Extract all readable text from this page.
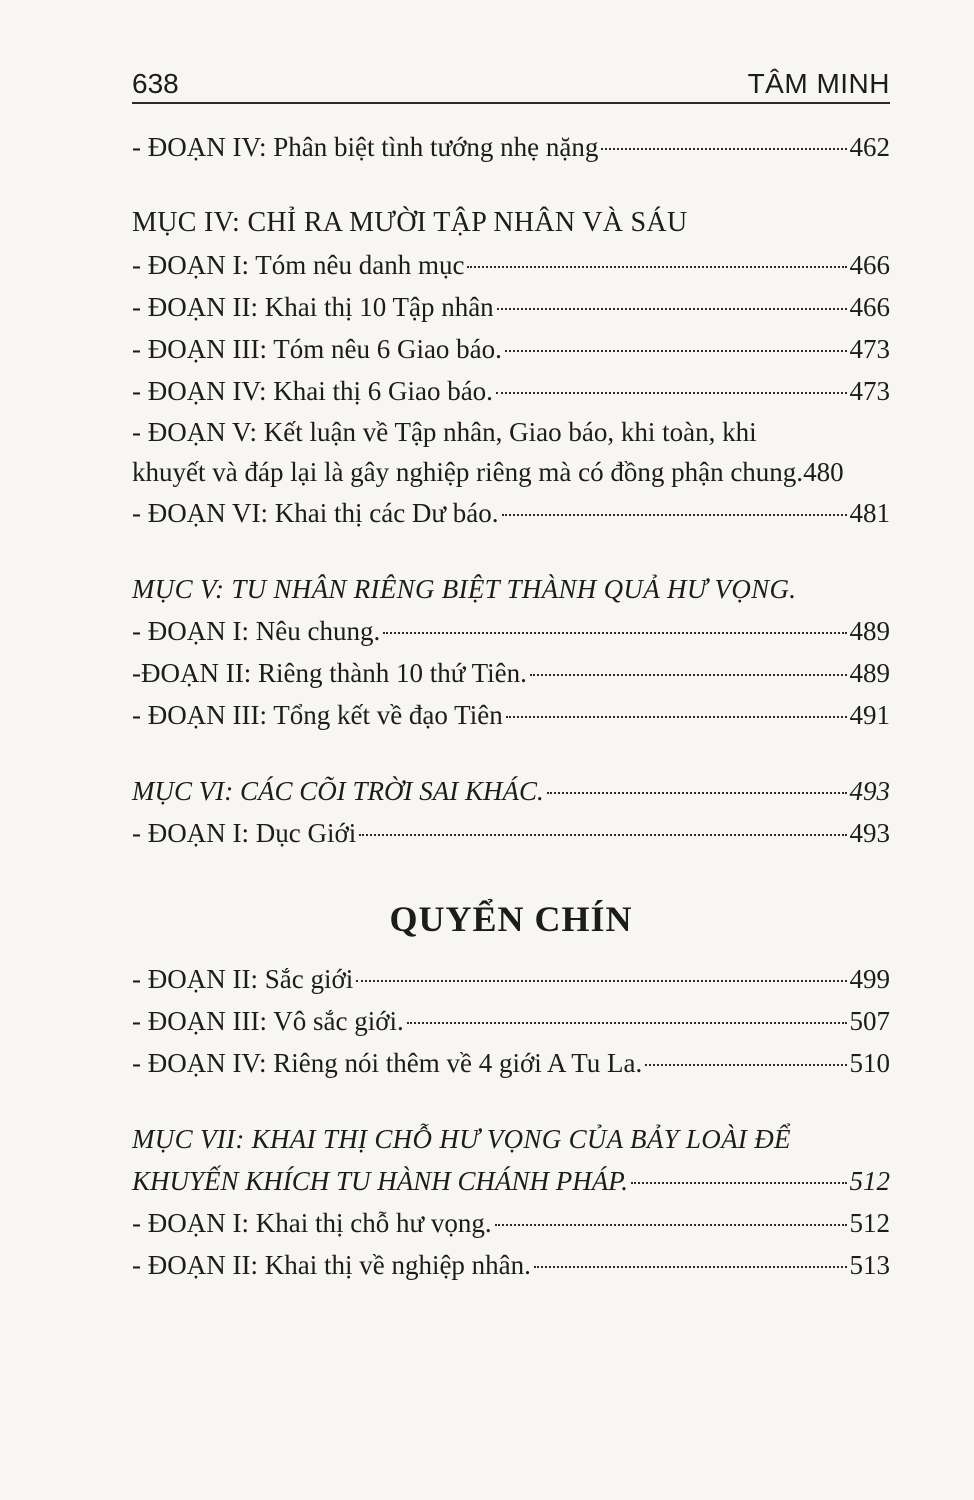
638	TÂM MINH
- ĐOẠN IV: Phân biệt tình tướng nhẹ nặng	462
MỤC IV: CHỈ RA MƯỜI TẬP NHÂN VÀ SÁU
- ĐOẠN I: Tóm nêu danh mục	466
- ĐOẠN II: Khai thị 10 Tập nhân	466
- ĐOẠN III: Tóm nêu 6 Giao báo.	473
- ĐOẠN IV: Khai thị 6 Giao báo.	473
- ĐOẠN V: Kết luận về Tập nhân, Giao báo, khi toàn, khi
khuyết và đáp lại là gây nghiệp riêng mà có đồng phận chung. 480
- ĐOẠN VI: Khai thị các Dư báo.	481
MỤC V: TU NHÂN RIÊNG BIỆT THÀNH QUẢ HƯ VỌNG.
- ĐOẠN I: Nêu chung.	489
-ĐOẠN II: Riêng thành 10 thứ Tiên.	489
- ĐOẠN III: Tổng kết về đạo Tiên	491
MỤC VI: CÁC CÕI TRỜI SAI KHÁC.	493
- ĐOẠN I: Dục Giới	493
QUYỂN CHÍN
- ĐOẠN II: Sắc giới	499
- ĐOẠN III: Vô sắc giới.	507
- ĐOẠN IV: Riêng nói thêm về 4 giới A Tu La.	510
MỤC VII: KHAI THỊ CHỖ HƯ VỌNG CỦA BẢY LOÀI ĐỂ
KHUYẾN KHÍCH TU HÀNH CHÁNH PHÁP.	512
- ĐOẠN I: Khai thị chỗ hư vọng.	512
- ĐOẠN II: Khai thị về nghiệp nhân.	513
